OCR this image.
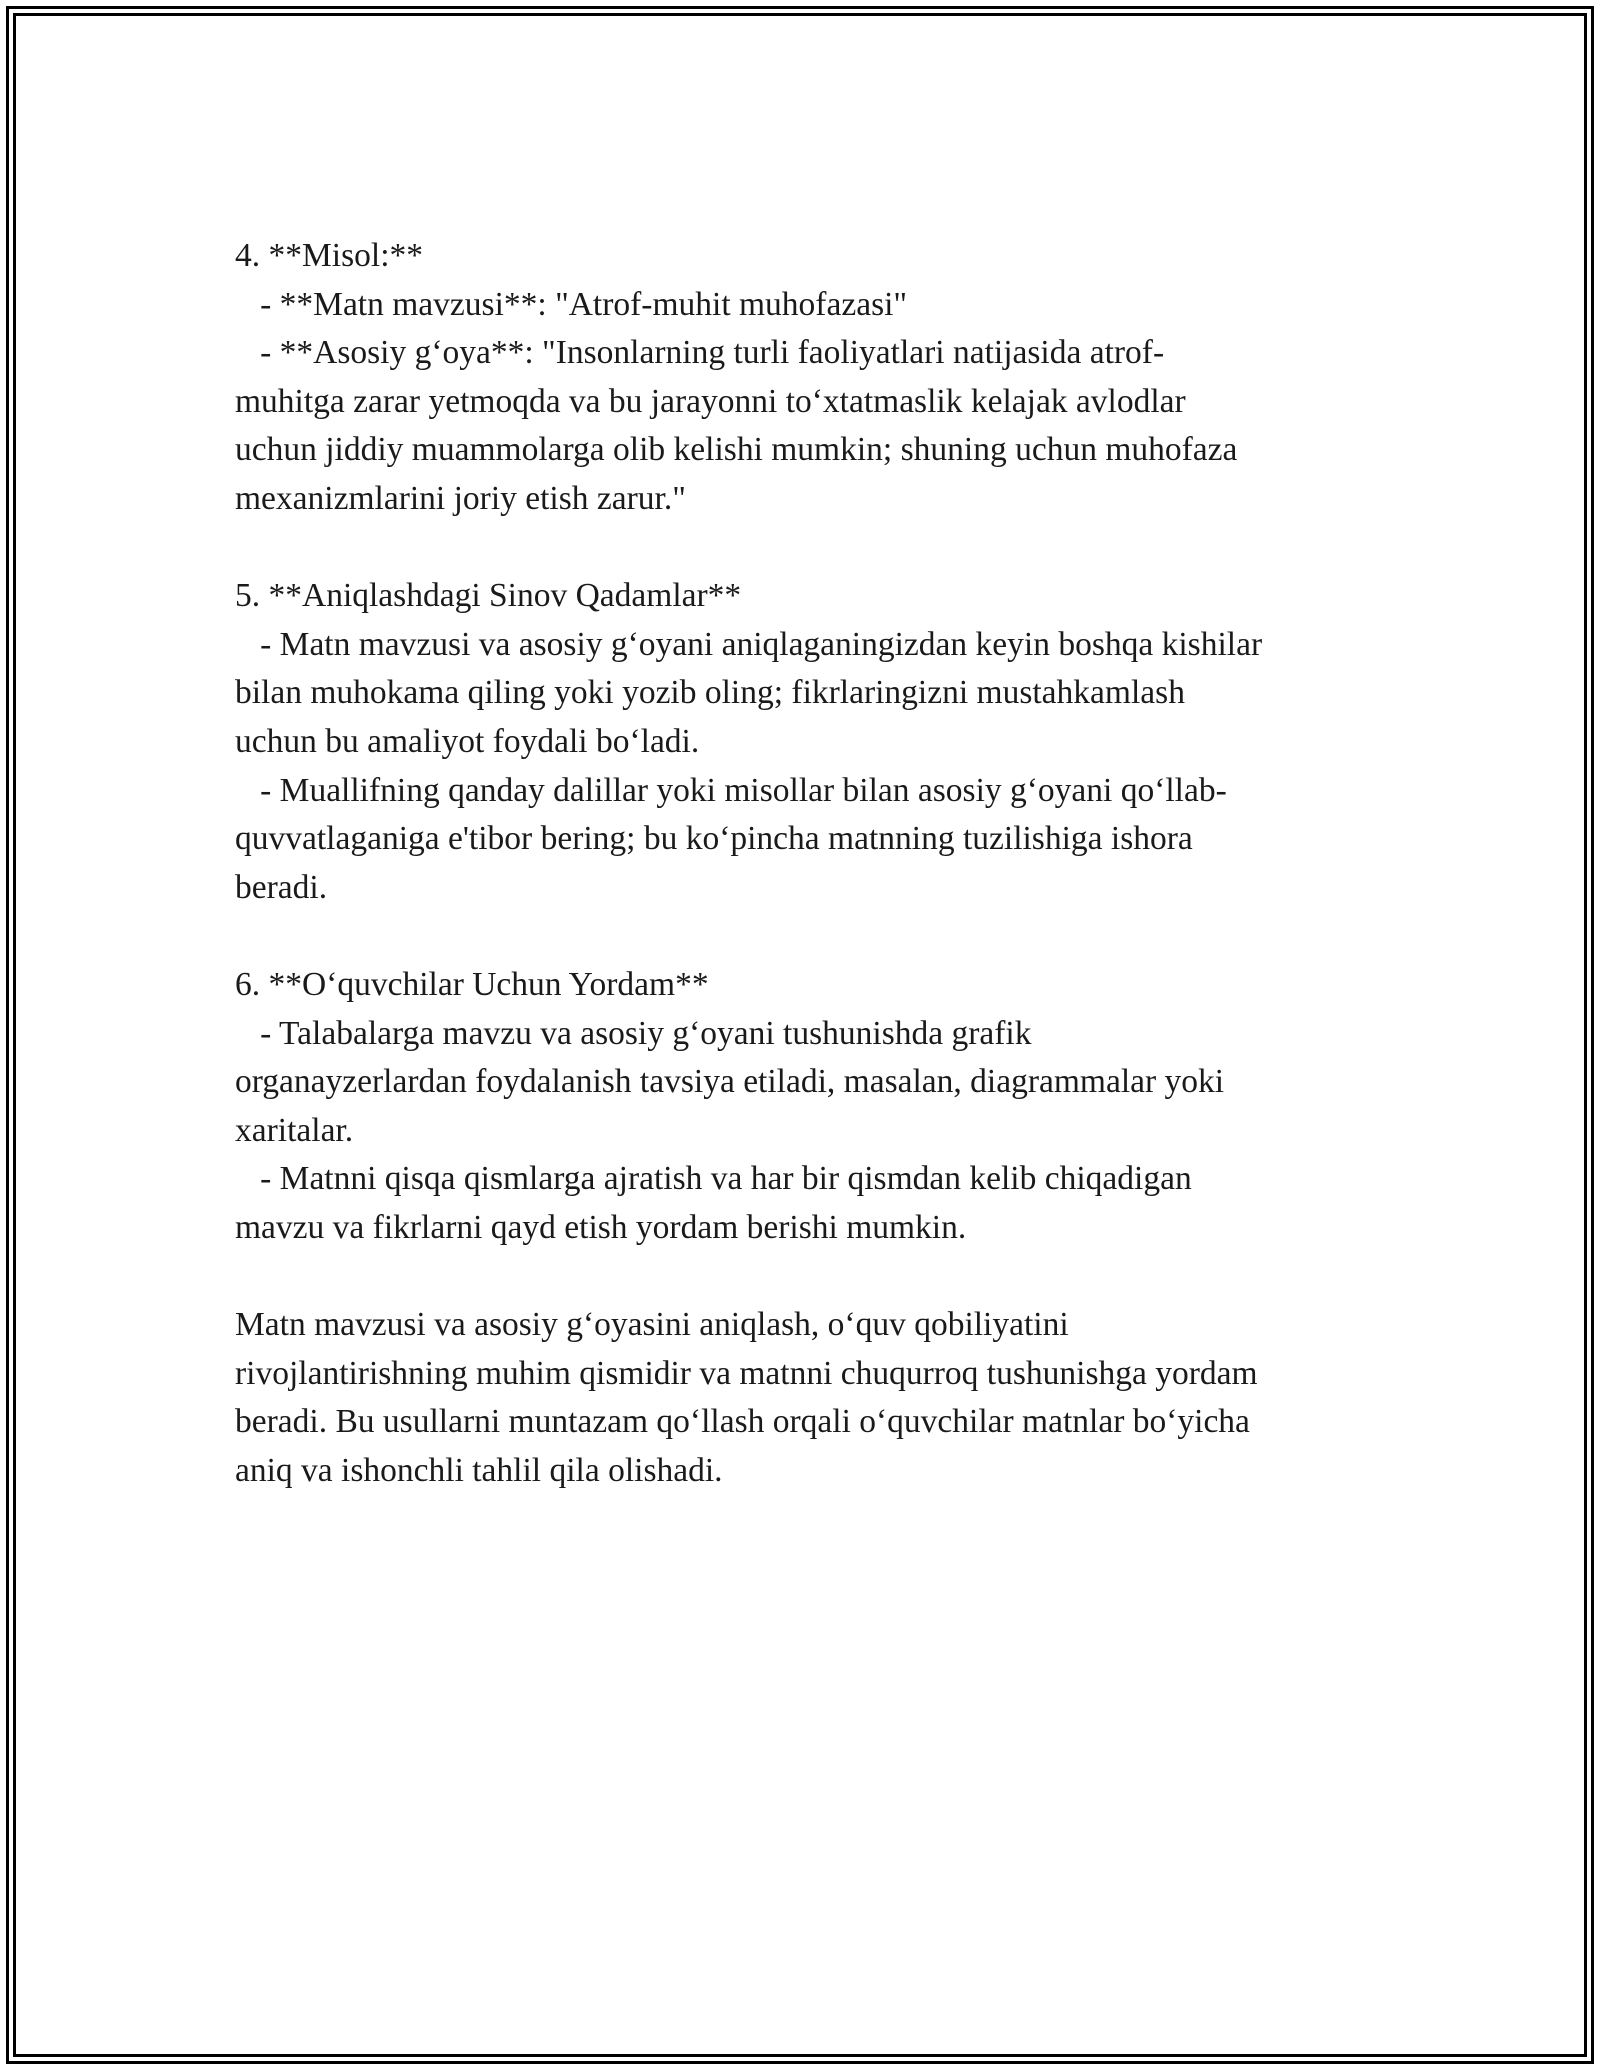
4. **Misol:**
- **Matn mavzusi**: "Atrof-muhit muhofazasi"
- **Asosiy gʻoya**: "Insonlarning turli faoliyatlari natijasida atrof-
muhitga zarar yetmoqda va bu jarayonni toʻxtatmaslik kelajak avlodlar
uchun jiddiy muammolarga olib kelishi mumkin; shuning uchun muhofaza
mexanizmlarini joriy etish zarur."
5. **Aniqlashdagi Sinov Qadamlar**
- Matn mavzusi va asosiy gʻoyani aniqlaganingizdan keyin boshqa kishilar
bilan muhokama qiling yoki yozib oling; fikrlaringizni mustahkamlash
uchun bu amaliyot foydali boʻladi.
- Muallifning qanday dalillar yoki misollar bilan asosiy gʻoyani qoʻllab-
quvvatlaganiga e'tibor bering; bu koʻpincha matnning tuzilishiga ishora
beradi.
6. **Oʻquvchilar Uchun Yordam**
- Talabalarga mavzu va asosiy gʻoyani tushunishda grafik
organayzerlardan foydalanish tavsiya etiladi, masalan, diagrammalar yoki
xaritalar.
- Matnni qisqa qismlarga ajratish va har bir qismdan kelib chiqadigan
mavzu va fikrlarni qayd etish yordam berishi mumkin.
Matn mavzusi va asosiy gʻoyasini aniqlash, oʻquv qobiliyatini
rivojlantirishning muhim qismidir va matnni chuqurroq tushunishga yordam
beradi. Bu usullarni muntazam qoʻllash orqali oʻquvchilar matnlar boʻyicha
aniq va ishonchli tahlil qila olishadi.
